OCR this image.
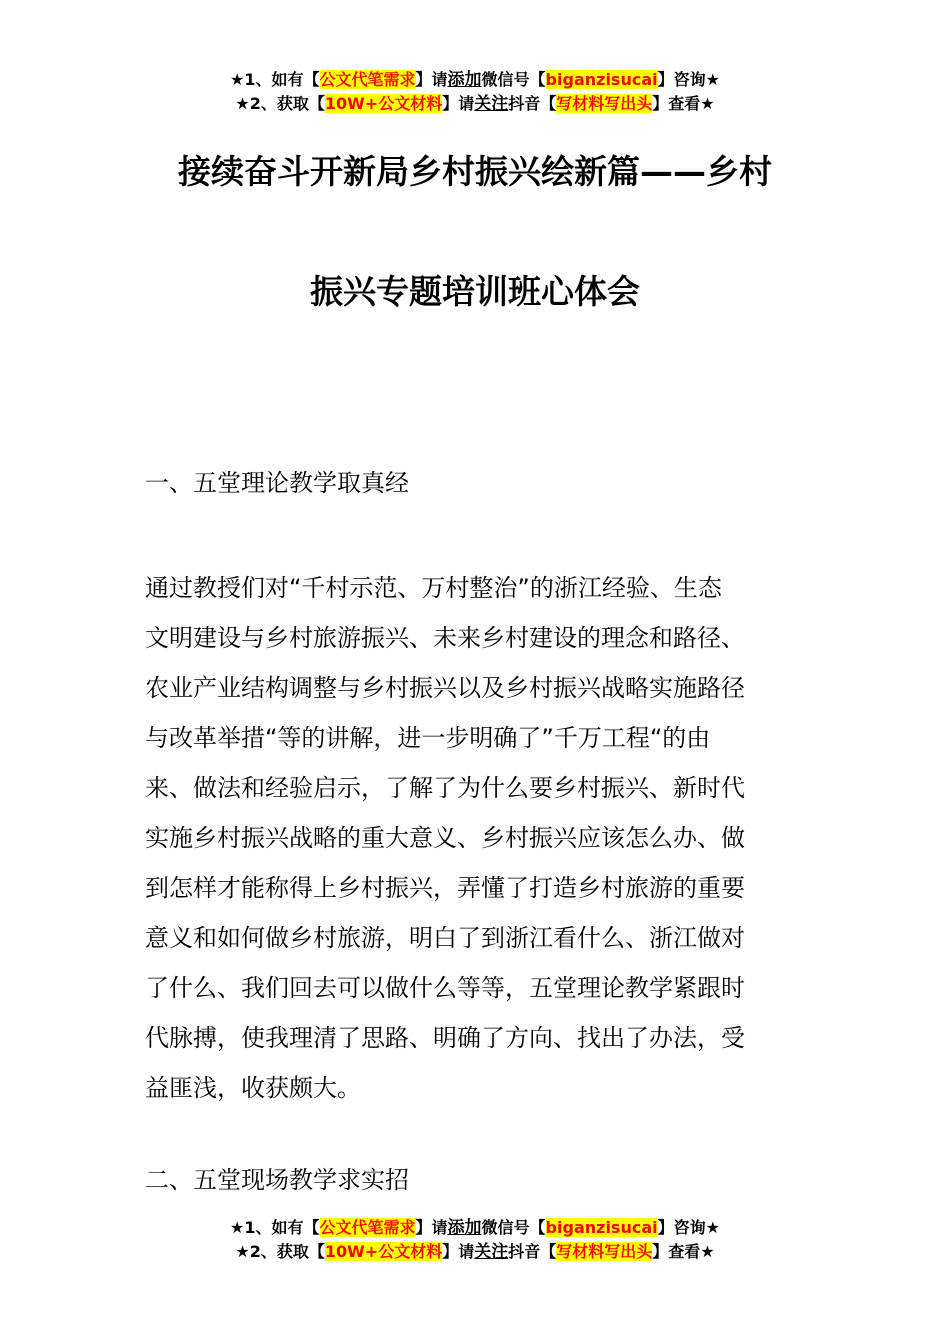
★1、如有【公文代笔需求】请添加微信号【biganzisucai】咨询★
★2、获取【10W+公文材料】请关注抖音【写材料写出头】查看★
接续奋斗开新局乡村振兴绘新篇——乡村
振兴专题培训班心体会
一、五堂理论教学取真经

通过教授们对“千村示范、万村整治”的浙江经验、生态
文明建设与乡村旅游振兴、未来乡村建设的理念和路径、
农业产业结构调整与乡村振兴以及乡村振兴战略实施路径
与改革举措“等的讲解，进一步明确了”千万工程“的由
来、做法和经验启示，了解了为什么要乡村振兴、新时代
实施乡村振兴战略的重大意义、乡村振兴应该怎么办、做
到怎样才能称得上乡村振兴，弄懂了打造乡村旅游的重要
意义和如何做乡村旅游，明白了到浙江看什么、浙江做对
了什么、我们回去可以做什么等等，五堂理论教学紧跟时
代脉搏，使我理清了思路、明确了方向、找出了办法，受
益匪浅，收获颇大。

二、五堂现场教学求实招
★1、如有【公文代笔需求】请添加微信号【biganzisucai】咨询★
★2、获取【10W+公文材料】请关注抖音【写材料写出头】查看★
